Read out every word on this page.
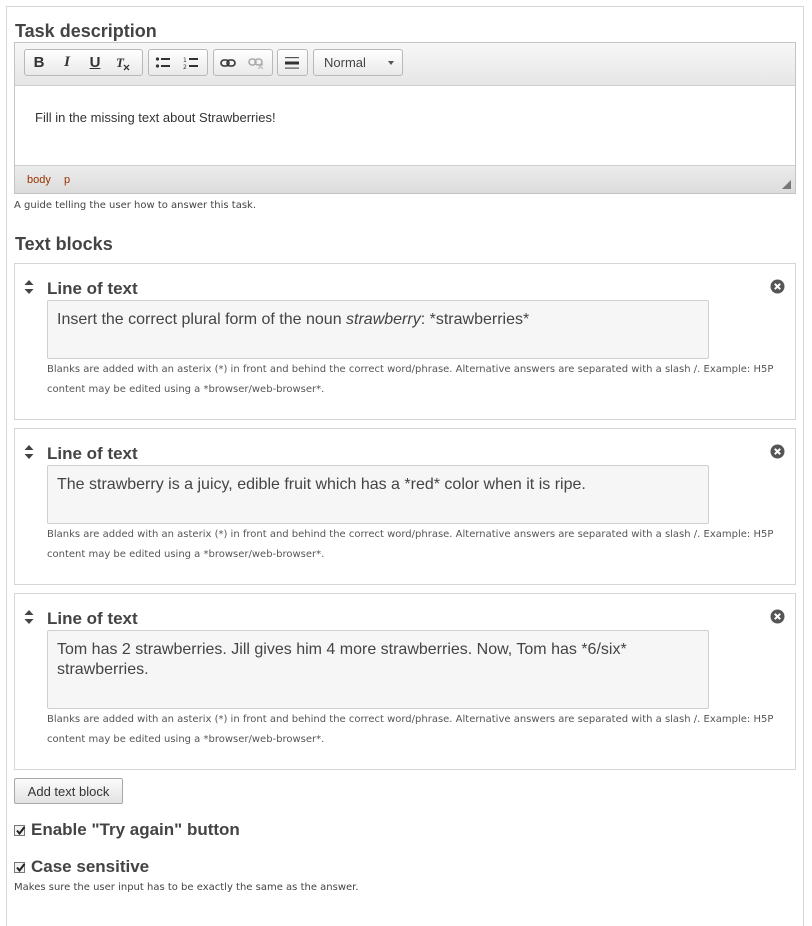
Task description
B I U T	1
2	Normal
Fill in the missing text about Strawberries!
body p
A guide telling the user how to answer this task.
Text blocks
Line of text
Insert the correct plural form of the noun strawberry: *strawberries*
Blanks are added with an asterix (*) in front and behind the correct word/phrase. Alternative answers are separated with a slash /. Example: H5P content may be edited using a *browser/web-browser*.
Line of text
The strawberry is a juicy, edible fruit which has a *red* color when it is ripe.
Blanks are added with an asterix (*) in front and behind the correct word/phrase. Alternative answers are separated with a slash /. Example: H5P content may be edited using a *browser/web-browser*.
Line of text
Tom has 2 strawberries. Jill gives him 4 more strawberries. Now, Tom has *6/six* strawberries.
Blanks are added with an asterix (*) in front and behind the correct word/phrase. Alternative answers are separated with a slash /. Example: H5P content may be edited using a *browser/web-browser*.
Add text block
Enable "Try again" button
Case sensitive
Makes sure the user input has to be exactly the same as the answer.
